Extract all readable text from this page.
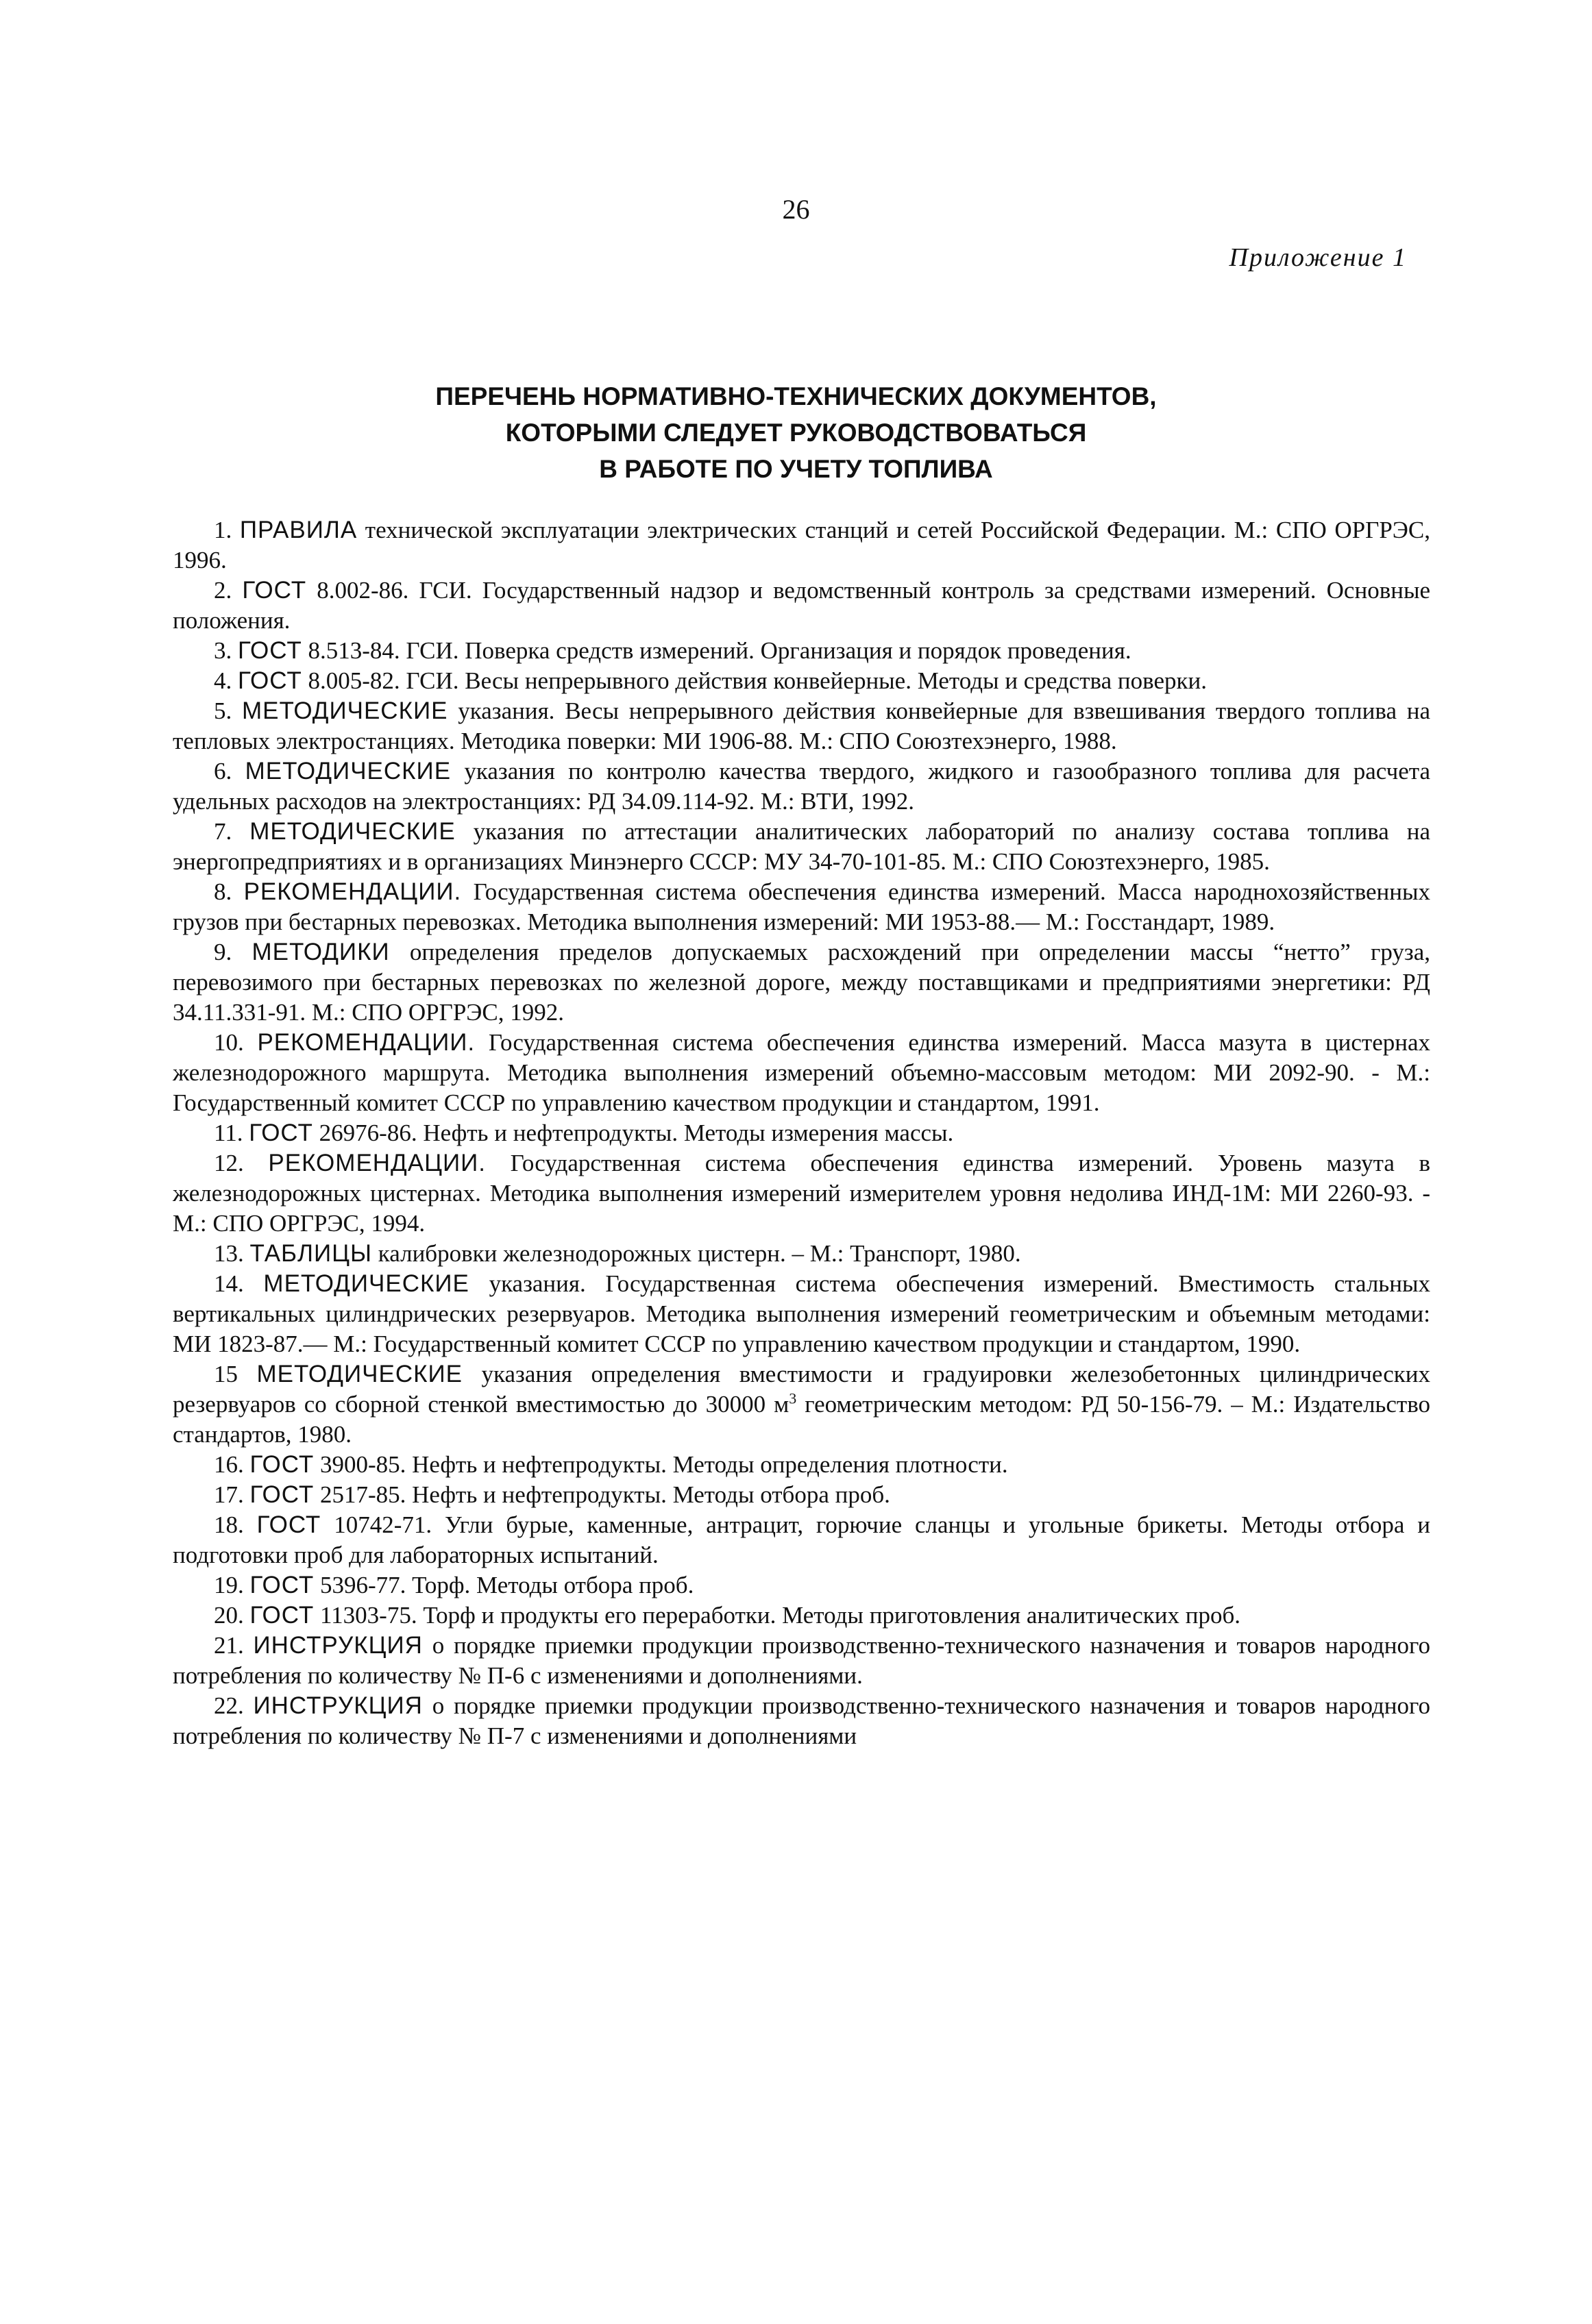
26
Приложение 1
ПЕРЕЧЕНЬ НОРМАТИВНО-ТЕХНИЧЕСКИХ ДОКУМЕНТОВ,
КОТОРЫМИ СЛЕДУЕТ РУКОВОДСТВОВАТЬСЯ
В РАБОТЕ ПО УЧЕТУ ТОПЛИВА

1. ПРАВИЛА технической эксплуатации электрических станций и сетей Российской Федерации. М.: СПО ОРГРЭС, 1996.

2. ГОСТ 8.002-86. ГСИ. Государственный надзор и ведомственный контроль за средствами измерений. Основные положения.

3. ГОСТ 8.513-84. ГСИ. Поверка средств измерений. Организация и порядок проведения.

4. ГОСТ 8.005-82. ГСИ. Весы непрерывного действия конвейерные. Методы и средства поверки.

5. МЕТОДИЧЕСКИЕ указания. Весы непрерывного действия конвейерные для взвешивания твердого топлива на тепловых электростанциях. Методика поверки: МИ 1906-88. М.: СПО Союзтехэнерго, 1988.

6. МЕТОДИЧЕСКИЕ указания по контролю качества твердого, жидкого и газообразного топлива для расчета удельных расходов на электростанциях: РД 34.09.114-92. М.: ВТИ, 1992.

7. МЕТОДИЧЕСКИЕ указания по аттестации аналитических лабораторий по анализу состава топлива на энергопредприятиях и в организациях Минэнерго СССР: МУ 34-70-101-85. М.: СПО Союзтехэнерго, 1985.

8. РЕКОМЕНДАЦИИ. Государственная система обеспечения единства измерений. Масса народнохозяйственных грузов при бестарных перевозках. Методика выполнения измерений: МИ 1953-88.— М.: Госстандарт, 1989.

9. МЕТОДИКИ определения пределов допускаемых расхождений при определении массы “нетто” груза, перевозимого при бестарных перевозках по железной дороге, между поставщиками и предприятиями энергетики: РД 34.11.331-91. М.: СПО ОРГРЭС, 1992.

10. РЕКОМЕНДАЦИИ. Государственная система обеспечения единства измерений. Масса мазута в цистернах железнодорожного маршрута. Методика выполнения измерений объемно-массовым методом: МИ 2092-90. - М.: Государственный комитет СССР по управлению качеством продукции и стандартом, 1991.

11. ГОСТ 26976-86. Нефть и нефтепродукты. Методы измерения массы.

12. РЕКОМЕНДАЦИИ. Государственная система обеспечения единства измерений. Уровень мазута в железнодорожных цистернах. Методика выполнения измерений измерителем уровня недолива ИНД-1М: МИ 2260-93. - М.: СПО ОРГРЭС, 1994.

13. ТАБЛИЦЫ калибровки железнодорожных цистерн. – М.: Транспорт, 1980.

14. МЕТОДИЧЕСКИЕ указания. Государственная система обеспечения измерений. Вместимость стальных вертикальных цилиндрических резервуаров. Методика выполнения измерений геометрическим и объемным методами: МИ 1823-87.— М.: Государственный комитет СССР по управлению качеством продукции и стандартом, 1990.

15 МЕТОДИЧЕСКИЕ указания определения вместимости и градуировки железобетонных цилиндрических резервуаров со сборной стенкой вместимостью до 30000 $м^3$ геометрическим методом: РД 50-156-79. – М.: Издательство стандартов, 1980.

16. ГОСТ 3900-85. Нефть и нефтепродукты. Методы определения плотности.

17. ГОСТ 2517-85. Нефть и нефтепродукты. Методы отбора проб.

18. ГОСТ 10742-71. Угли бурые, каменные, антрацит, горючие сланцы и угольные брикеты. Методы отбора и подготовки проб для лабораторных испытаний.

19. ГОСТ 5396-77. Торф. Методы отбора проб.

20. ГОСТ 11303-75. Торф и продукты его переработки. Методы приготовления аналитических проб.

21. ИНСТРУКЦИЯ о порядке приемки продукции производственно-технического назначения и товаров народного потребления по количеству № П-6 с изменениями и дополнениями.

22. ИНСТРУКЦИЯ о порядке приемки продукции производственно-технического назначения и товаров народного потребления по количеству № П-7 с изменениями и дополнениями
